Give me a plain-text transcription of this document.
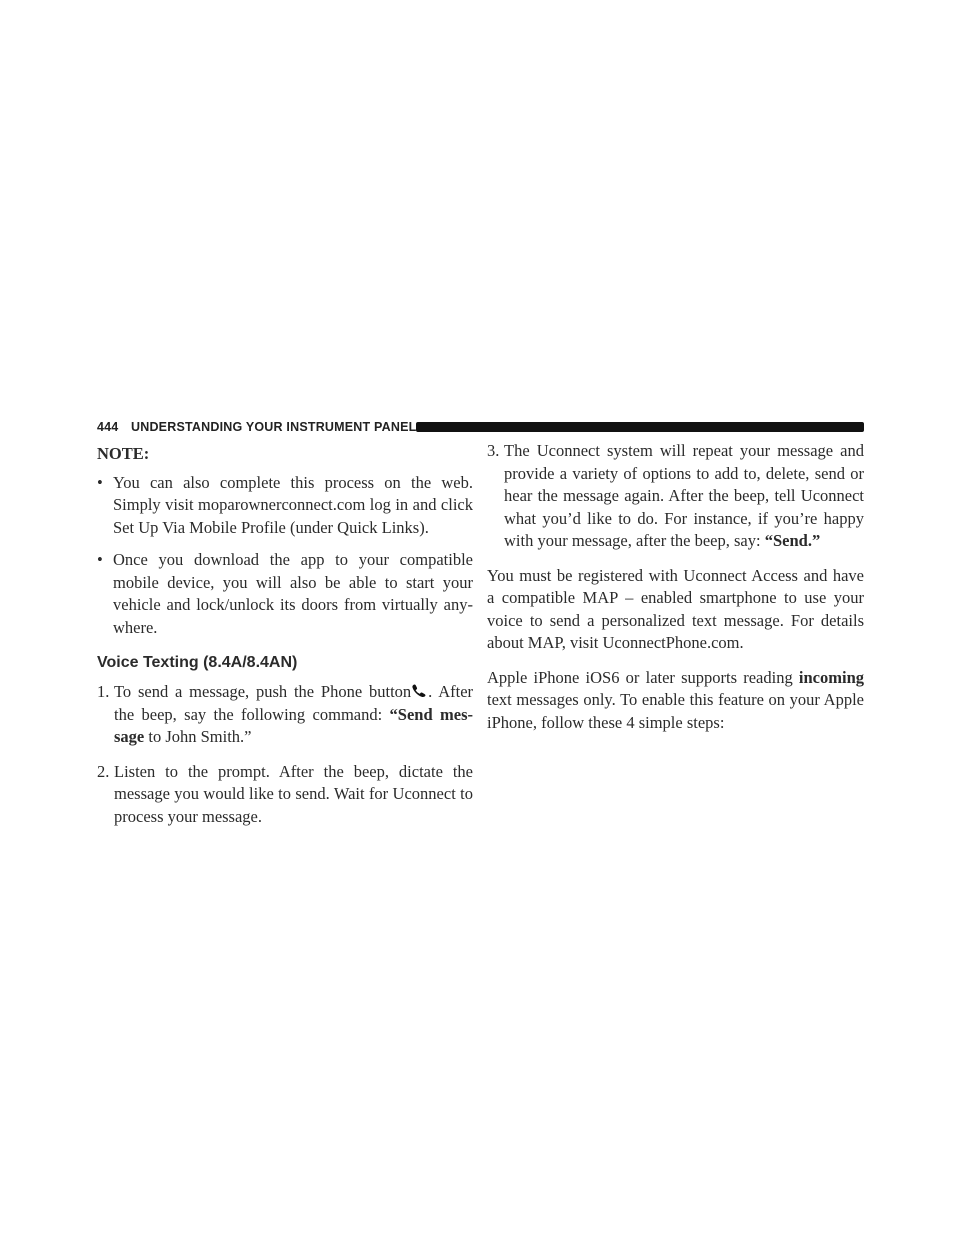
444 UNDERSTANDING YOUR INSTRUMENT PANEL
NOTE:
• You can also complete this process on the web. Simply visit moparownerconnect.com log in and click Set Up Via Mobile Profile (under Quick Links).
• Once you download the app to your compatible mobile device, you will also be able to start your vehicle and lock/unlock its doors from virtually any-where.
Voice Texting (8.4A/8.4AN)
1. To send a message, push the Phone button . After the beep, say the following command: “Send mes-sage to John Smith.”
2. Listen to the prompt. After the beep, dictate the message you would like to send. Wait for Uconnect to process your message.
3. The Uconnect system will repeat your message and provide a variety of options to add to, delete, send or hear the message again. After the beep, tell Uconnect what you’d like to do. For instance, if you’re happy with your message, after the beep, say: “Send.”
You must be registered with Uconnect Access and have a compatible MAP – enabled smartphone to use your voice to send a personalized text message. For details about MAP, visit UconnectPhone.com.
Apple iPhone iOS6 or later supports reading incoming text messages only. To enable this feature on your Apple iPhone, follow these 4 simple steps:
